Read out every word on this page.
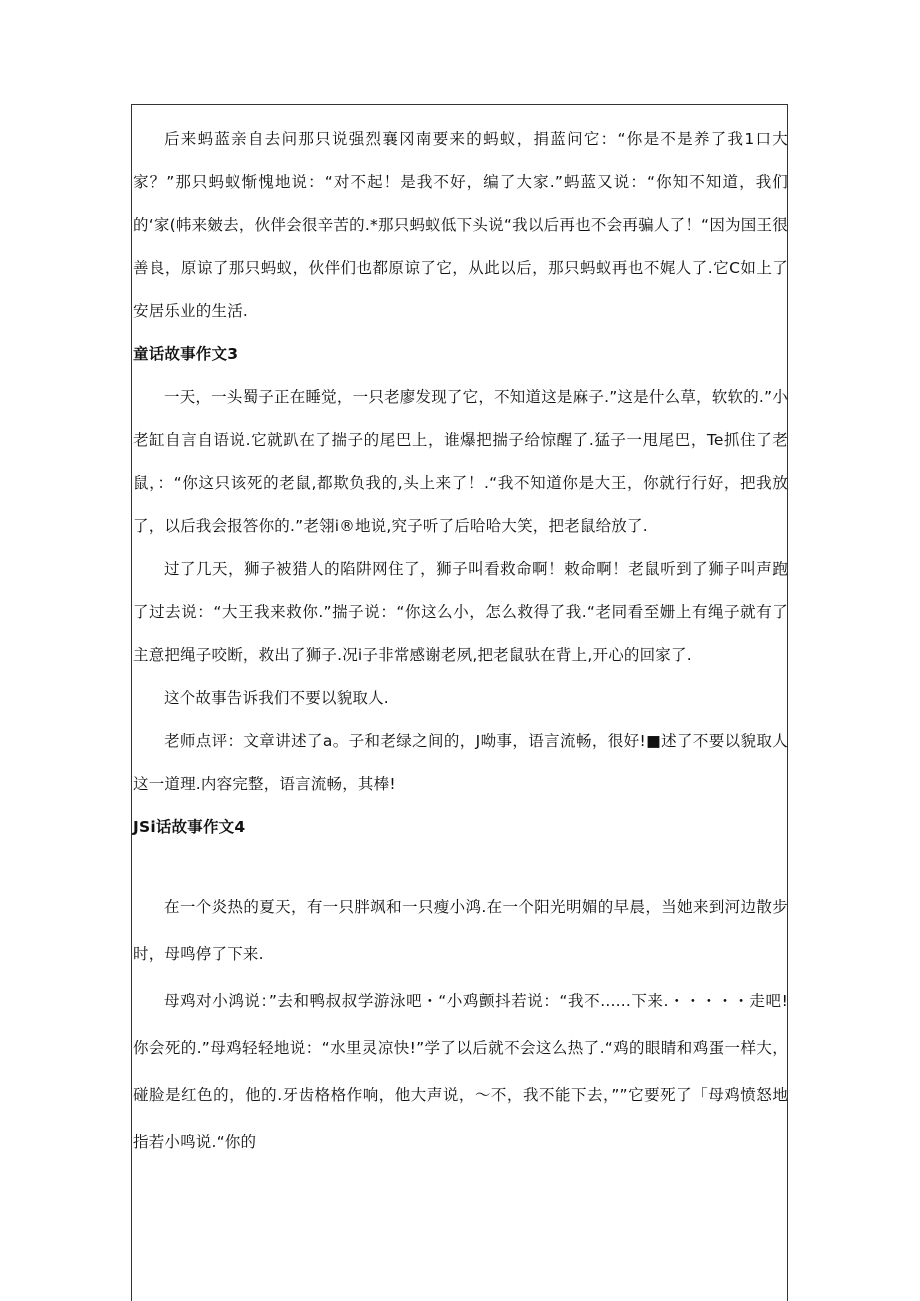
后来蚂蓝亲自去问那只说强烈襄冈南要来的蚂蚁，捐蓝问它：“你是不是养了我1口大家？”那只蚂蚁惭愧地说：“对不起！是我不好，编了大家.”蚂蓝又说：“你知不知道，我们的‘家(帏来皴去，伙伴会很辛苦的.*那只蚂蚁低下头说“我以后再也不会再骗人了！“因为国王很善良，原谅了那只蚂蚁，伙伴们也都原谅了它，从此以后，那只蚂蚁再也不娓人了.它C如上了安居乐业的生活.

童话故事作文3

一天，一头蜀子正在睡觉，一只老廖发现了它，不知道这是麻子.”这是什么草，软软的.”小老缸自言自语说.它就趴在了揣子的尾巴上，谁爆把揣子给惊醒了.猛子一甩尾巴，Te抓住了老鼠，：“你这只该死的老鼠,都欺负我的,头上来了！.“我不知道你是大王，你就行行好，把我放了，以后我会报答你的.”老翎i®地说,究子听了后哈哈大笑，把老鼠给放了.

过了几天，狮子被猎人的陷阱网住了，狮子叫看救命啊！敕命啊！老鼠听到了狮子叫声跑了过去说：“大王我来救你.”揣子说：“你这么小，怎么救得了我.“老同看至姗上有绳子就有了主意把绳子咬断，救出了狮子.况i子非常感谢老夙,把老鼠驮在背上,开心的回家了.

这个故事告诉我们不要以貌取人.

老师点评：文章讲述了a。子和老绿之间的，J呦事，语言流畅，很好!■述了不要以貌取人这一道理.内容完整，语言流畅，其棒!

JSi话故事作文4

在一个炎热的夏天，有一只胖飒和一只瘦小鸿.在一个阳光明媚的早晨，当她来到河边散步时，母鸣停了下来.

母鸡对小鸿说：”去和鸭叔叔学游泳吧・“小鸡颤抖若说：“我不......下来.・・・・・走吧!你会死的.”母鸡轻轻地说：“水里灵凉快!”学了以后就不会这么热了.“鸡的眼睛和鸡蛋一样大，碰脸是红色的，他的.牙齿格格作响，他大声说，〜不，我不能下去，””它要死了「母鸡愤怒地指若小鸣说.“你的
